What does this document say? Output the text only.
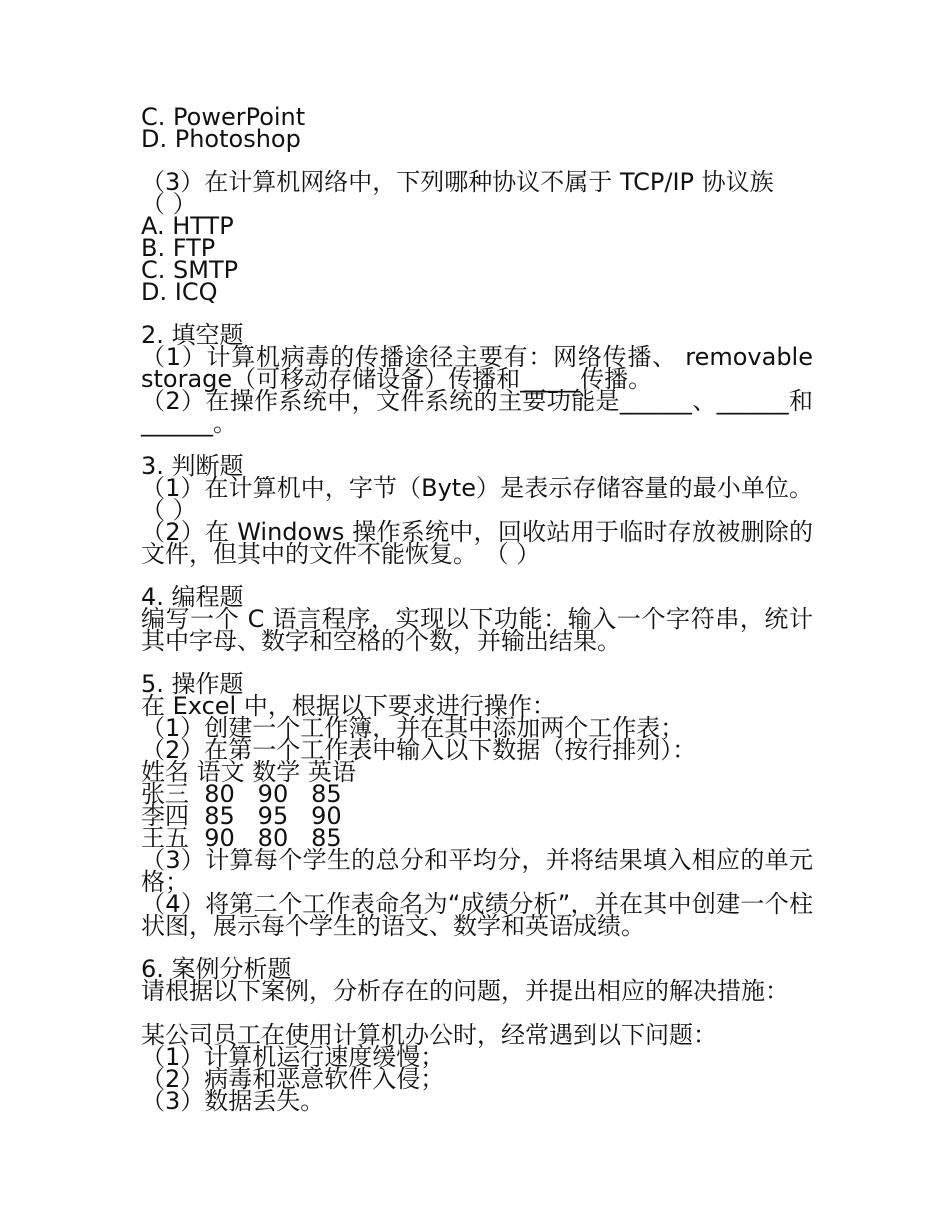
C. PowerPoint
D. Photoshop
（3）在计算机网络中，下列哪种协议不属于 TCP/IP 协议族
（ ）
A. HTTP
B. FTP
C. SMTP
D. ICQ
2. 填空题
（1）计算机病毒的传播途径主要有：网络传播、 removable storage（可移动存储设备）传播和_____传播。
（2）在操作系统中，文件系统的主要功能是______、______和______。
3. 判断题
（1）在计算机中，字节（Byte）是表示存储容量的最小单位。 （ ）
（2）在 Windows 操作系统中，回收站用于临时存放被删除的文件，但其中的文件不能恢复。 （ ）
4. 编程题
编写一个 C 语言程序，实现以下功能：输入一个字符串，统计其中字母、数字和空格的个数，并输出结果。
5. 操作题
在 Excel 中，根据以下要求进行操作：
（1）创建一个工作簿，并在其中添加两个工作表；
（2）在第一个工作表中输入以下数据（按行排列）：
姓名 语文 数学 英语
张三  80   90   85
李四  85   95   90
王五  90   80   85
（3）计算每个学生的总分和平均分，并将结果填入相应的单元格；
（4）将第二个工作表命名为“成绩分析”，并在其中创建一个柱状图，展示每个学生的语文、数学和英语成绩。
6. 案例分析题
请根据以下案例，分析存在的问题，并提出相应的解决措施：
某公司员工在使用计算机办公时，经常遇到以下问题：
（1）计算机运行速度缓慢；
（2）病毒和恶意软件入侵；
（3）数据丢失。
